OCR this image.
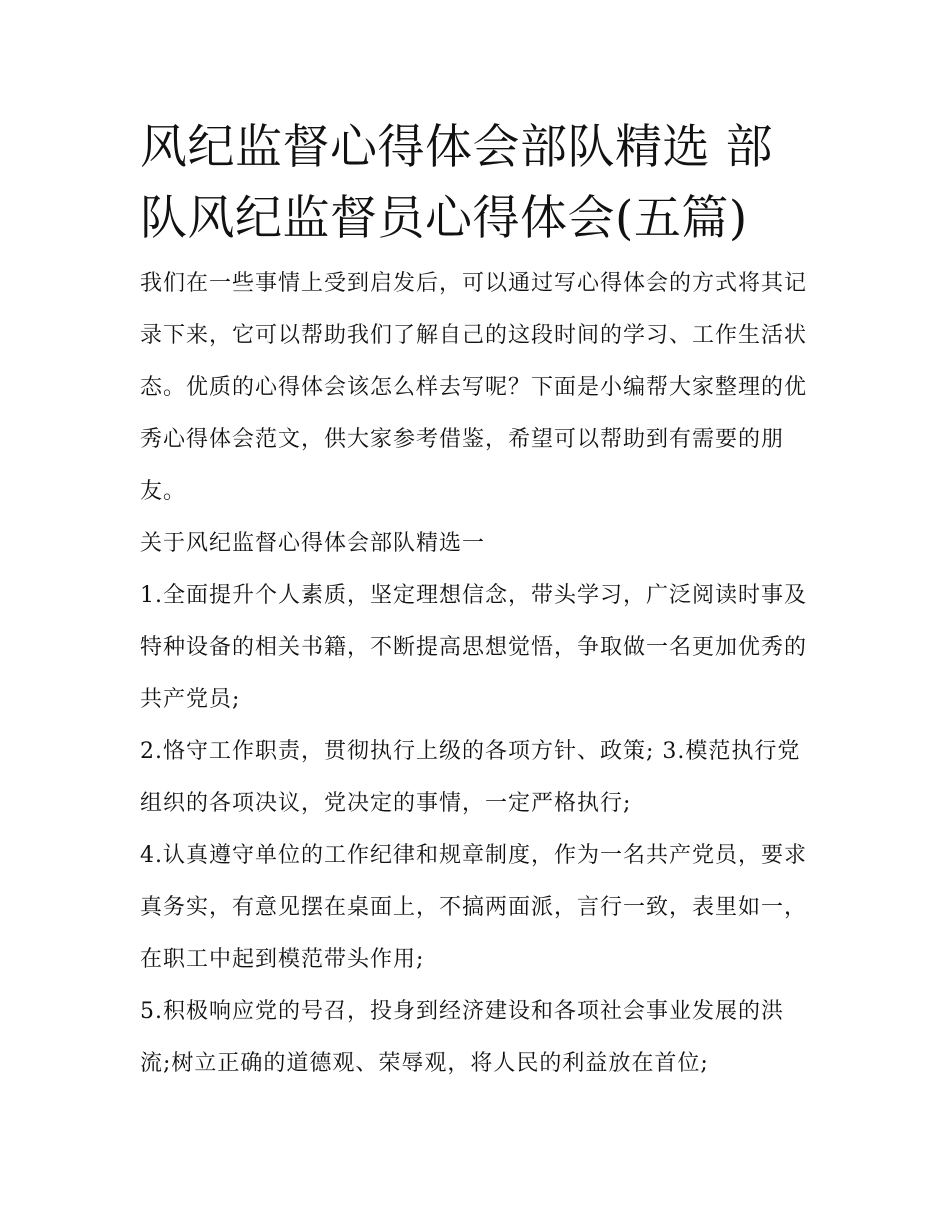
风纪监督心得体会部队精选 部队风纪监督员心得体会(五篇)

我们在一些事情上受到启发后，可以通过写心得体会的方式将其记录下来，它可以帮助我们了解自己的这段时间的学习、工作生活状态。优质的心得体会该怎么样去写呢？下面是小编帮大家整理的优秀心得体会范文，供大家参考借鉴，希望可以帮助到有需要的朋友。

关于风纪监督心得体会部队精选一

1.全面提升个人素质，坚定理想信念，带头学习，广泛阅读时事及特种设备的相关书籍，不断提高思想觉悟，争取做一名更加优秀的共产党员;

2.恪守工作职责，贯彻执行上级的各项方针、政策; 3.模范执行党组织的各项决议，党决定的事情，一定严格执行;

4.认真遵守单位的工作纪律和规章制度，作为一名共产党员，要求真务实，有意见摆在桌面上，不搞两面派，言行一致，表里如一，在职工中起到模范带头作用;

5.积极响应党的号召，投身到经济建设和各项社会事业发展的洪流;树立正确的道德观、荣辱观，将人民的利益放在首位;
